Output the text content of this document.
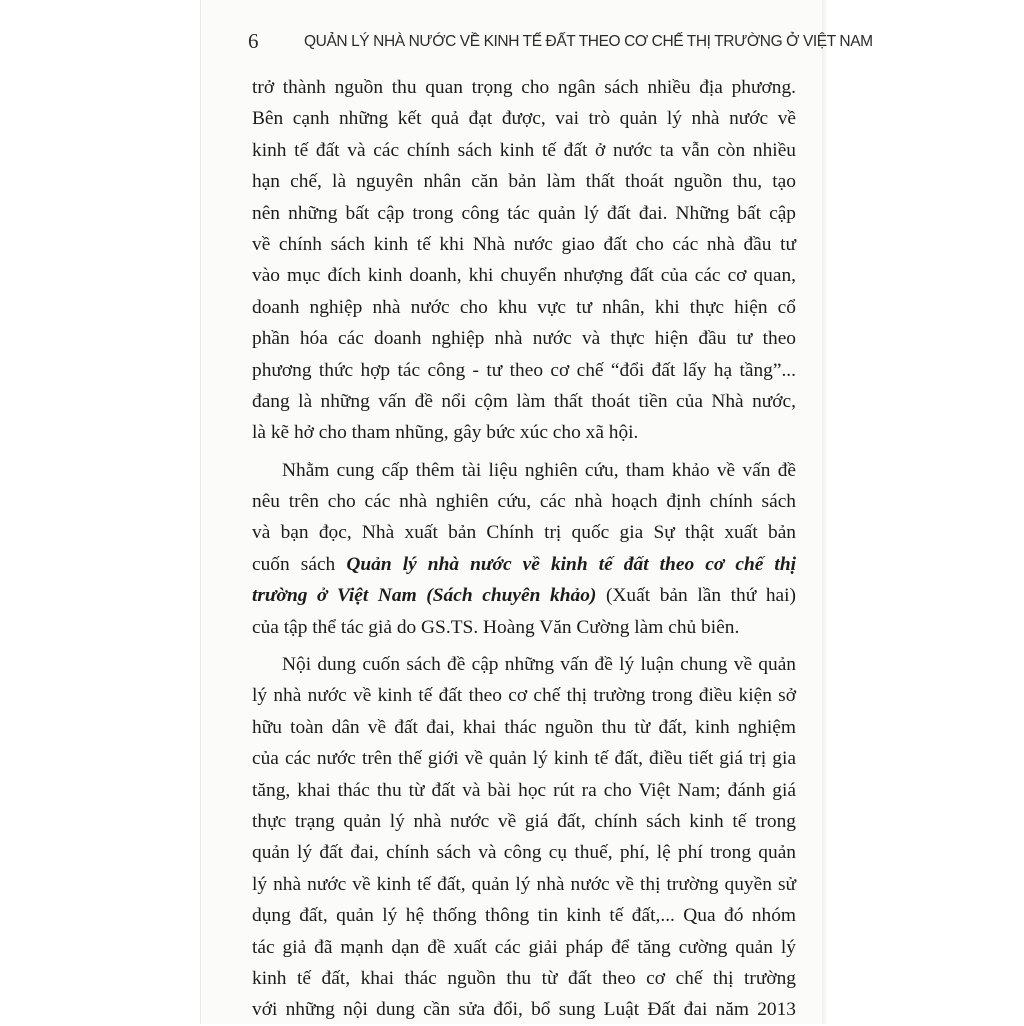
6	QUẢN LÝ NHÀ NƯỚC VỀ KINH TẾ ĐẤT THEO CƠ CHẾ THỊ TRƯỜNG Ở VIỆT NAM
trở thành nguồn thu quan trọng cho ngân sách nhiều địa phương.
Bên cạnh những kết quả đạt được, vai trò quản lý nhà nước về
kinh tế đất và các chính sách kinh tế đất ở nước ta vẫn còn nhiều
hạn chế, là nguyên nhân căn bản làm thất thoát nguồn thu, tạo
nên những bất cập trong công tác quản lý đất đai. Những bất cập
về chính sách kinh tế khi Nhà nước giao đất cho các nhà đầu tư
vào mục đích kinh doanh, khi chuyển nhượng đất của các cơ quan,
doanh nghiệp nhà nước cho khu vực tư nhân, khi thực hiện cổ
phần hóa các doanh nghiệp nhà nước và thực hiện đầu tư theo
phương thức hợp tác công - tư theo cơ chế “đổi đất lấy hạ tầng”...
đang là những vấn đề nổi cộm làm thất thoát tiền của Nhà nước,
là kẽ hở cho tham nhũng, gây bức xúc cho xã hội.
Nhằm cung cấp thêm tài liệu nghiên cứu, tham khảo về vấn đề
nêu trên cho các nhà nghiên cứu, các nhà hoạch định chính sách
và bạn đọc, Nhà xuất bản Chính trị quốc gia Sự thật xuất bản
cuốn sách Quản lý nhà nước về kinh tế đất theo cơ chế thị
trường ở Việt Nam (Sách chuyên khảo) (Xuất bản lần thứ hai)
của tập thể tác giả do GS.TS. Hoàng Văn Cường làm chủ biên.
Nội dung cuốn sách đề cập những vấn đề lý luận chung về quản
lý nhà nước về kinh tế đất theo cơ chế thị trường trong điều kiện sở
hữu toàn dân về đất đai, khai thác nguồn thu từ đất, kinh nghiệm
của các nước trên thế giới về quản lý kinh tế đất, điều tiết giá trị gia
tăng, khai thác thu từ đất và bài học rút ra cho Việt Nam; đánh giá
thực trạng quản lý nhà nước về giá đất, chính sách kinh tế trong
quản lý đất đai, chính sách và công cụ thuế, phí, lệ phí trong quản
lý nhà nước về kinh tế đất, quản lý nhà nước về thị trường quyền sử
dụng đất, quản lý hệ thống thông tin kinh tế đất,... Qua đó nhóm
tác giả đã mạnh dạn đề xuất các giải pháp để tăng cường quản lý
kinh tế đất, khai thác nguồn thu từ đất theo cơ chế thị trường
với những nội dung cần sửa đổi, bổ sung Luật Đất đai năm 2013
